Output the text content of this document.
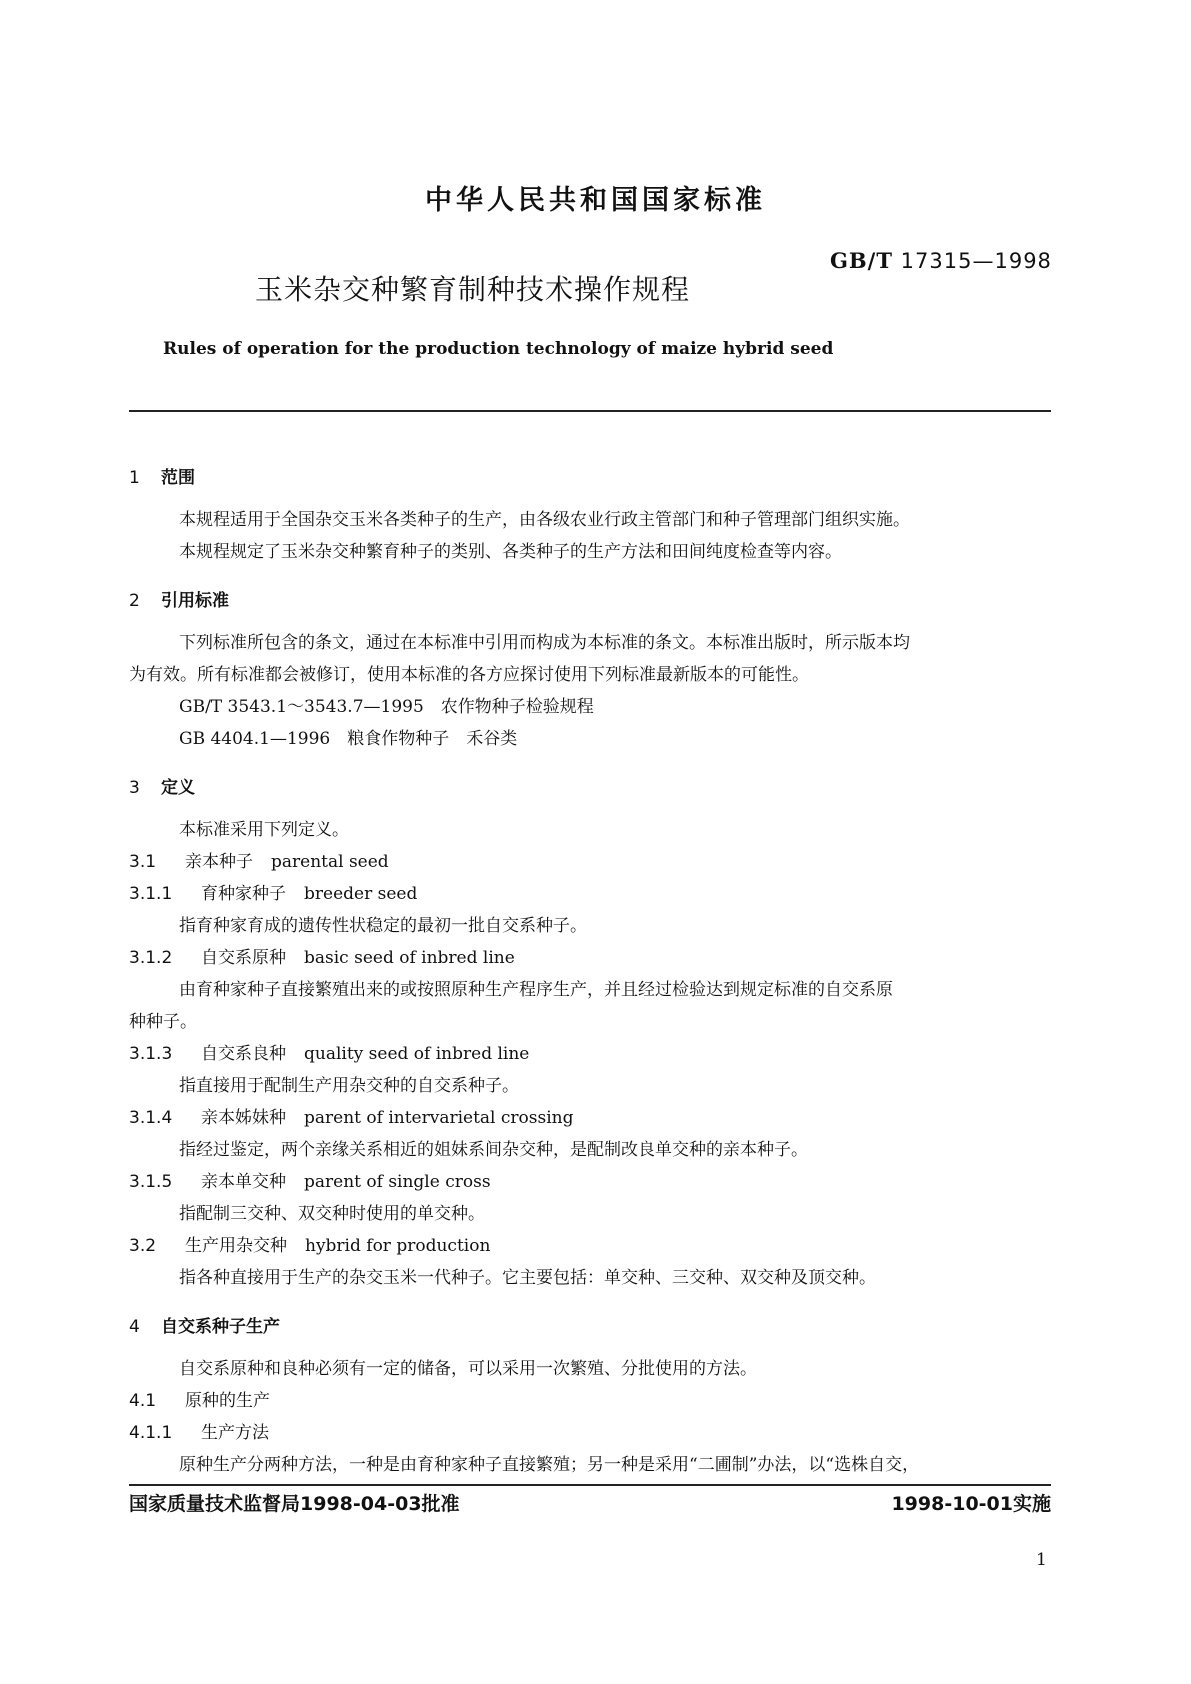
中华人民共和国国家标准
GB/T 17315—1998
玉米杂交种繁育制种技术操作规程
Rules of operation for the production technology of maize hybrid seed
1 范围
本规程适用于全国杂交玉米各类种子的生产，由各级农业行政主管部门和种子管理部门组织实施。
本规程规定了玉米杂交种繁育种子的类别、各类种子的生产方法和田间纯度检查等内容。
2 引用标准
下列标准所包含的条文，通过在本标准中引用而构成为本标准的条文。本标准出版时，所示版本均
为有效。所有标准都会被修订，使用本标准的各方应探讨使用下列标准最新版本的可能性。
GB/T 3543.1～3543.7—1995　农作物种子检验规程
GB 4404.1—1996　粮食作物种子　禾谷类
3 定义
本标准采用下列定义。
3.1 亲本种子 parental seed
3.1.1 育种家种子 breeder seed
指育种家育成的遗传性状稳定的最初一批自交系种子。
3.1.2 自交系原种 basic seed of inbred line
由育种家种子直接繁殖出来的或按照原种生产程序生产，并且经过检验达到规定标准的自交系原
种种子。
3.1.3 自交系良种 quality seed of inbred line
指直接用于配制生产用杂交种的自交系种子。
3.1.4 亲本姊妹种 parent of intervarietal crossing
指经过鉴定，两个亲缘关系相近的姐妹系间杂交种，是配制改良单交种的亲本种子。
3.1.5 亲本单交种 parent of single cross
指配制三交种、双交种时使用的单交种。
3.2 生产用杂交种 hybrid for production
指各种直接用于生产的杂交玉米一代种子。它主要包括：单交种、三交种、双交种及顶交种。
4 自交系种子生产
自交系原种和良种必须有一定的储备，可以采用一次繁殖、分批使用的方法。
4.1 原种的生产
4.1.1 生产方法
原种生产分两种方法，一种是由育种家种子直接繁殖；另一种是采用“二圃制”办法，以“选株自交，
国家质量技术监督局1998-04-03批准	1998-10-01实施
1
